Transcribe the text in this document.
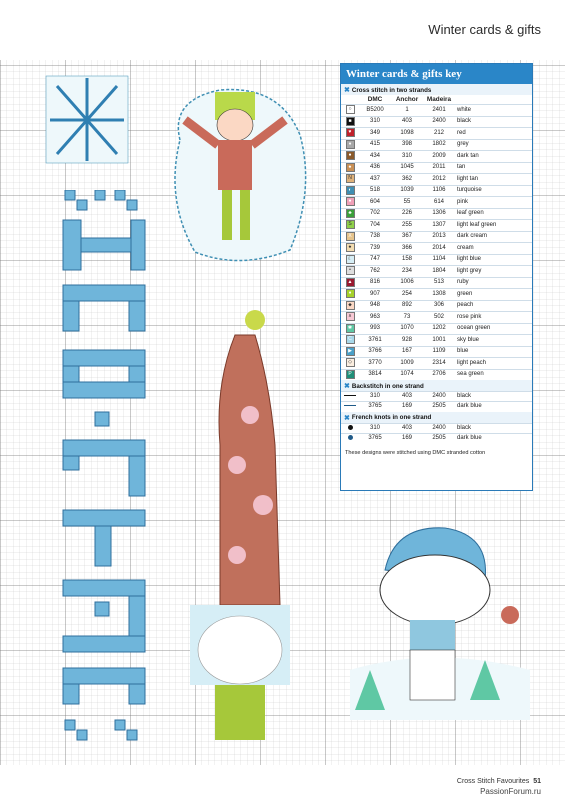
Winter cards & gifts
Winter cards & gifts key
✖ Cross stitch in two strands
	DMC	Anchor	Madeira	
○	B5200	1	2401	white
■	310	403	2400	black
♥	349	1098	212	red
♦	415	398	1802	grey
●	434	310	2009	dark tan
♠	436	1045	2011	tan
N	437	362	2012	light tan
◐	518	1039	1106	turquoise
●	604	55	614	pink
♣	702	226	1306	leaf green
S	704	255	1307	light leaf green
X	738	367	2013	dark cream
♠	739	366	2014	cream
☾	747	158	1104	light blue
•	762	234	1804	light grey
▲	816	1006	513	ruby
♦	907	254	1308	green
⬥	948	892	306	peach
∧	963	73	502	rose pink
✱	993	1070	1202	ocean green
C	3761	928	1001	sky blue
▶	3766	167	1109	blue
◇	3770	1009	2314	light peach
P	3814	1074	2706	sea green
✖ Backstitch in one strand
	310	403	2400	black
	3765	169	2505	dark blue
✖ French knots in one strand
	310	403	2400	black
	3765	169	2505	dark blue
These designs were stitched using DMC stranded cotton
Cross Stitch Favourites 51
PassionForum.ru
